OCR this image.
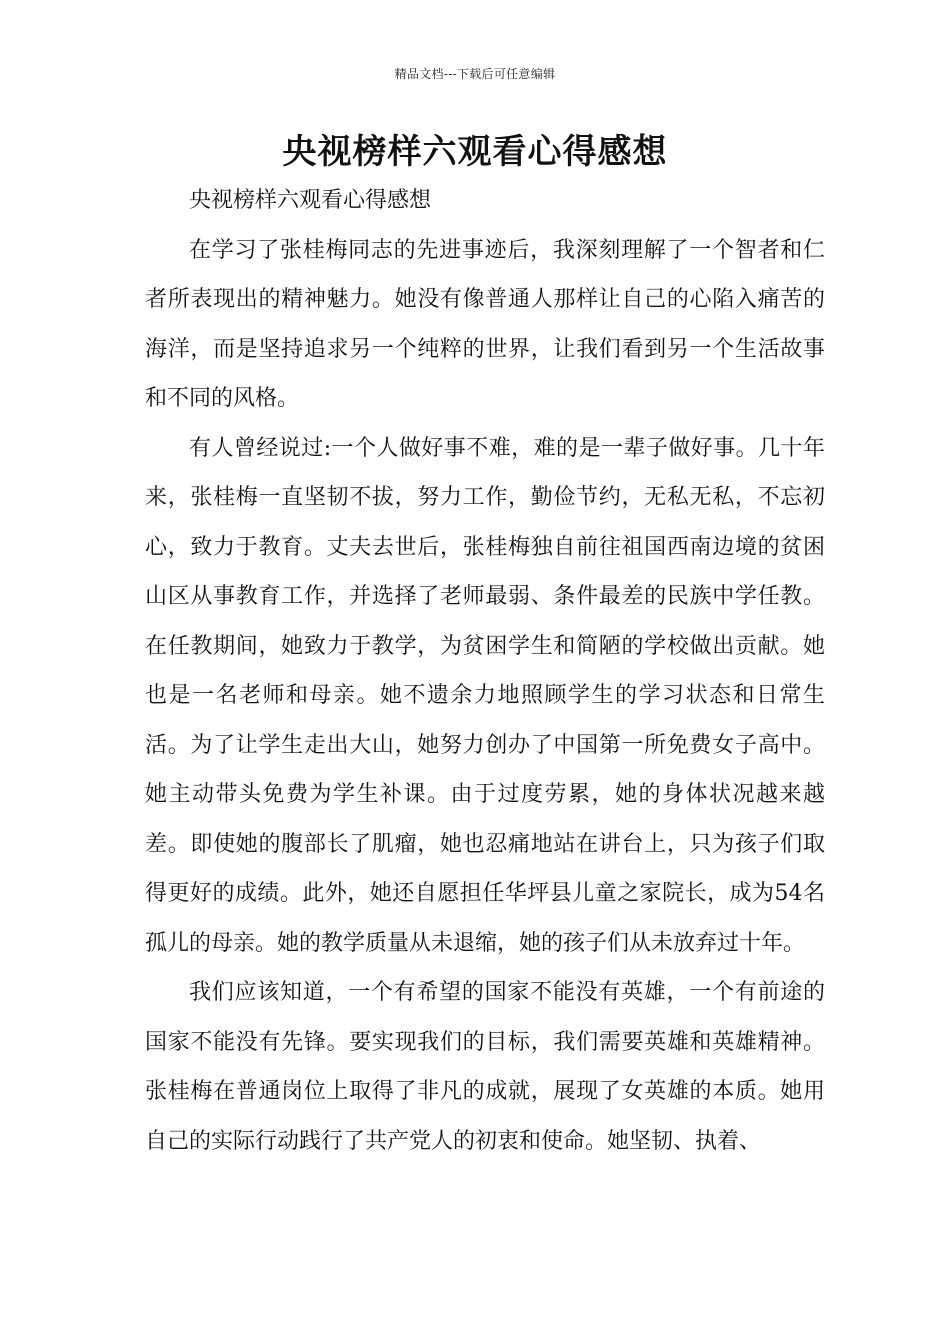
精品文档---下载后可任意编辑
央视榜样六观看心得感想

央视榜样六观看心得感想

在学习了张桂梅同志的先进事迹后，我深刻理解了一个智者和仁者所表现出的精神魅力。她没有像普通人那样让自己的心陷入痛苦的海洋，而是坚持追求另一个纯粹的世界，让我们看到另一个生活故事和不同的风格。

有人曾经说过:一个人做好事不难，难的是一辈子做好事。几十年来，张桂梅一直坚韧不拔，努力工作，勤俭节约，无私无私，不忘初心，致力于教育。丈夫去世后，张桂梅独自前往祖国西南边境的贫困山区从事教育工作，并选择了老师最弱、条件最差的民族中学任教。在任教期间，她致力于教学，为贫困学生和简陋的学校做出贡献。她也是一名老师和母亲。她不遗余力地照顾学生的学习状态和日常生活。为了让学生走出大山，她努力创办了中国第一所免费女子高中。她主动带头免费为学生补课。由于过度劳累，她的身体状况越来越差。即使她的腹部长了肌瘤，她也忍痛地站在讲台上，只为孩子们取得更好的成绩。此外，她还自愿担任华坪县儿童之家院长，成为54名孤儿的母亲。她的教学质量从未退缩，她的孩子们从未放弃过十年。

我们应该知道，一个有希望的国家不能没有英雄，一个有前途的国家不能没有先锋。要实现我们的目标，我们需要英雄和英雄精神。张桂梅在普通岗位上取得了非凡的成就，展现了女英雄的本质。她用自己的实际行动践行了共产党人的初衷和使命。她坚韧、执着、
